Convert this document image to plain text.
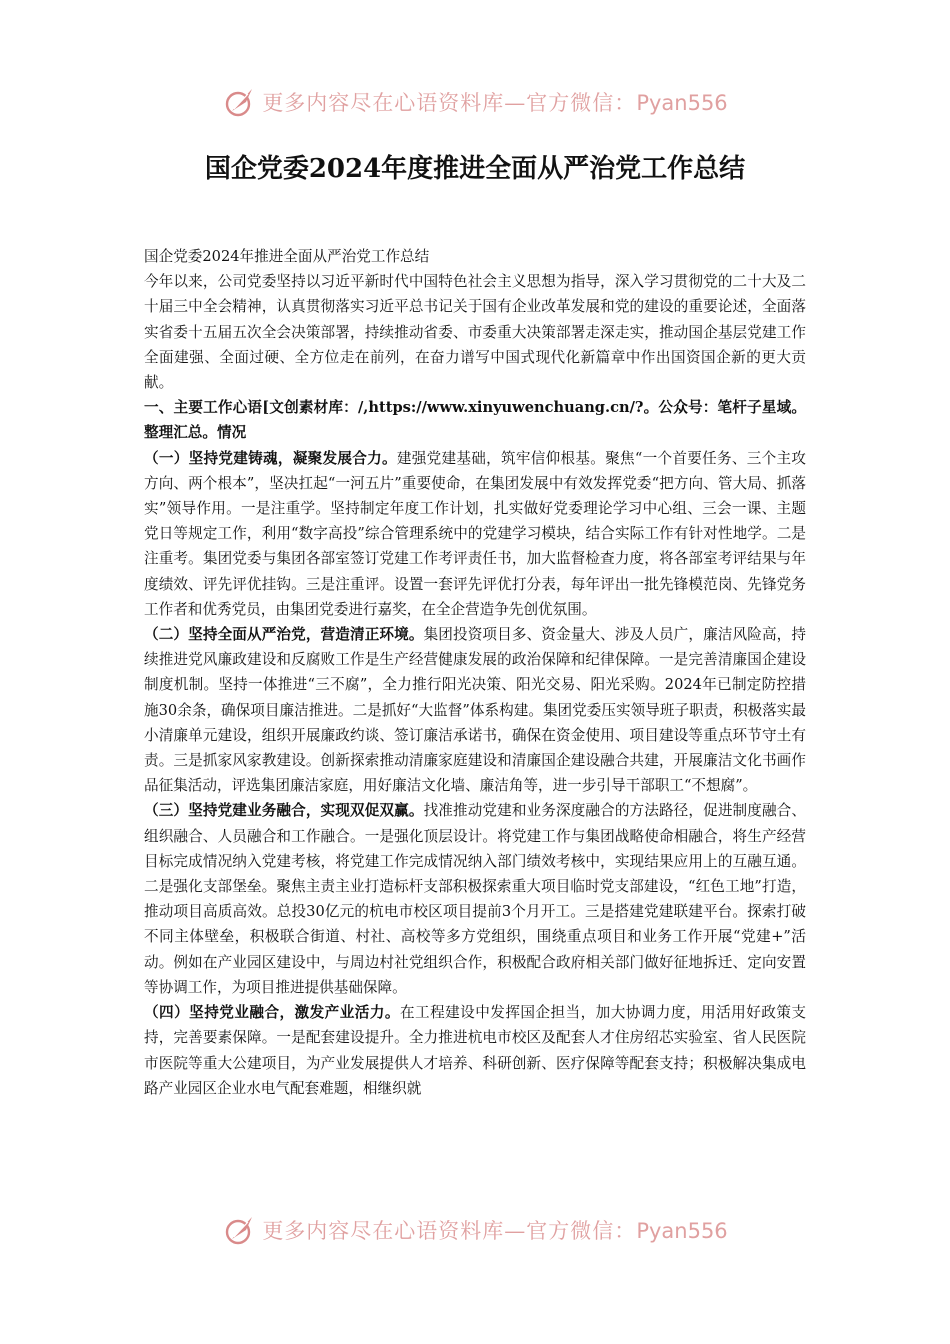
更多内容尽在心语资料库—官方微信：Pyan556
国企党委2024年度推进全面从严治党工作总结

国企党委2024年推进全面从严治党工作总结

今年以来，公司党委坚持以习近平新时代中国特色社会主义思想为指导，深入学习贯彻党的二十大及二十届三中全会精神，认真贯彻落实习近平总书记关于国有企业改革发展和党的建设的重要论述，全面落实省委十五届五次全会决策部署，持续推动省委、市委重大决策部署走深走实，推动国企基层党建工作全面建强、全面过硬、全方位走在前列，在奋力谱写中国式现代化新篇章中作出国资国企新的更大贡献。

一、主要工作心语[文创素材库：/,https://www.xinyuwenchuang.cn/?。公众号：笔杆子星域。整理汇总。情况

（一）坚持党建铸魂，凝聚发展合力。建强党建基础，筑牢信仰根基。聚焦“一个首要任务、三个主攻方向、两个根本”，坚决扛起“一河五片”重要使命，在集团发展中有效发挥党委“把方向、管大局、抓落实”领导作用。一是注重学。坚持制定年度工作计划，扎实做好党委理论学习中心组、三会一课、主题党日等规定工作，利用“数字高投”综合管理系统中的党建学习模块，结合实际工作有针对性地学。二是注重考。集团党委与集团各部室签订党建工作考评责任书，加大监督检查力度，将各部室考评结果与年度绩效、评先评优挂钩。三是注重评。设置一套评先评优打分表，每年评出一批先锋模范岗、先锋党务工作者和优秀党员，由集团党委进行嘉奖，在全企营造争先创优氛围。

（二）坚持全面从严治党，营造清正环境。集团投资项目多、资金量大、涉及人员广，廉洁风险高，持续推进党风廉政建设和反腐败工作是生产经营健康发展的政治保障和纪律保障。一是完善清廉国企建设制度机制。坚持一体推进“三不腐”，全力推行阳光决策、阳光交易、阳光采购。2024年已制定防控措施30余条，确保项目廉洁推进。二是抓好“大监督”体系构建。集团党委压实领导班子职责，积极落实最小清廉单元建设，组织开展廉政约谈、签订廉洁承诺书，确保在资金使用、项目建设等重点环节守土有责。三是抓家风家教建设。创新探索推动清廉家庭建设和清廉国企建设融合共建，开展廉洁文化书画作品征集活动，评选集团廉洁家庭，用好廉洁文化墙、廉洁角等，进一步引导干部职工“不想腐”。

（三）坚持党建业务融合，实现双促双赢。找准推动党建和业务深度融合的方法路径，促进制度融合、组织融合、人员融合和工作融合。一是强化顶层设计。将党建工作与集团战略使命相融合，将生产经营目标完成情况纳入党建考核，将党建工作完成情况纳入部门绩效考核中，实现结果应用上的互融互通。二是强化支部堡垒。聚焦主责主业打造标杆支部积极探索重大项目临时党支部建设，“红色工地”打造，推动项目高质高效。总投30亿元的杭电市校区项目提前3个月开工。三是搭建党建联建平台。探索打破不同主体壁垒，积极联合街道、村社、高校等多方党组织，围绕重点项目和业务工作开展“党建+”活动。例如在产业园区建设中，与周边村社党组织合作，积极配合政府相关部门做好征地拆迁、定向安置等协调工作，为项目推进提供基础保障。

（四）坚持党业融合，激发产业活力。在工程建设中发挥国企担当，加大协调力度，用活用好政策支持，完善要素保障。一是配套建设提升。全力推进杭电市校区及配套人才住房绍芯实验室、省人民医院市医院等重大公建项目，为产业发展提供人才培养、科研创新、医疗保障等配套支持；积极解决集成电路产业园区企业水电气配套难题，相继织就

更多内容尽在心语资料库—官方微信：Pyan556
